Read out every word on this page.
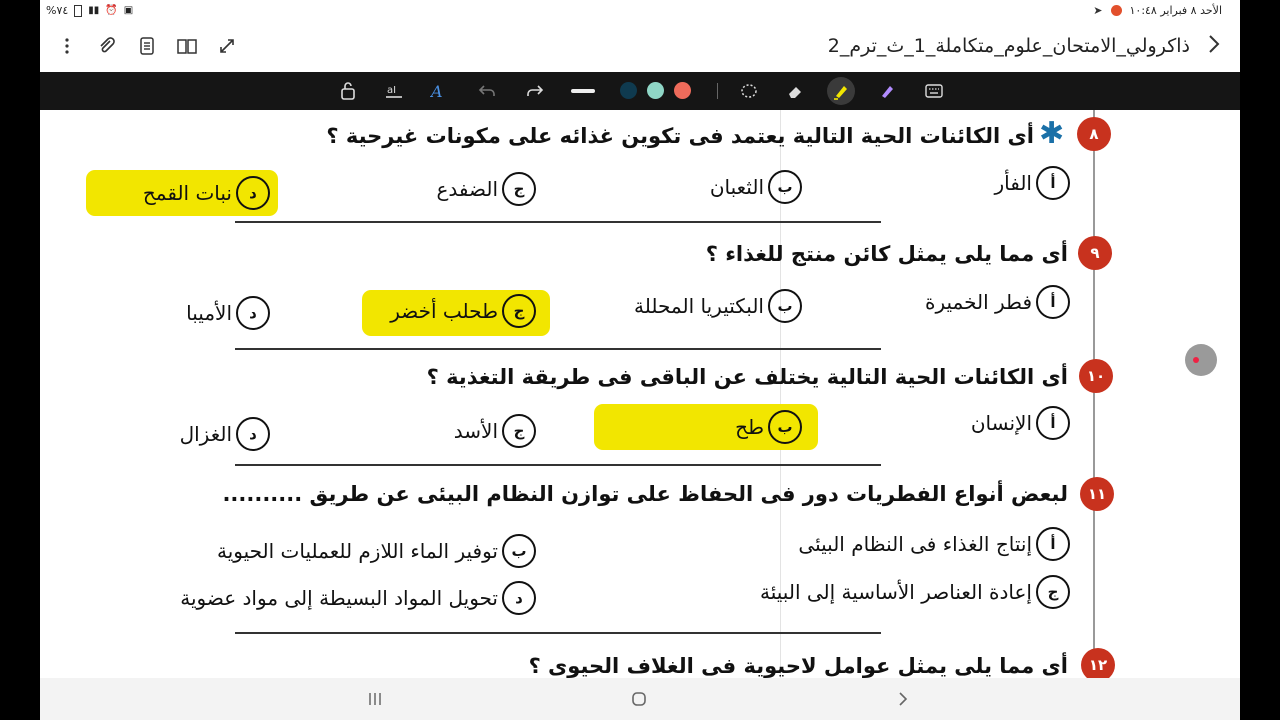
الأحد ٨ فبراير ١٠:٤٨
➤
%٧٤ ▮▮ ⏰ ▣
ذاكرولي_الامتحان_علوم_متكاملة_1_ث_ترم_2
aI A
٨
✱
أى الكائنات الحية التالية يعتمد فى تكوين غذائه على مكونات غيرحية ؟
أ
الفأر
ب
الثعبان
ج
الضفدع
د
نبات القمح
٩
أى مما يلى يمثل كائن منتج للغذاء ؟
أ
فطر الخميرة
ب
البكتيريا المحللة
ج
طحلب أخضر
د
الأميبا
١٠
أى الكائنات الحية التالية يختلف عن الباقى فى طريقة التغذية ؟
أ
الإنسان
ب
طح
ج
الأسد
د
الغزال
١١
لبعض أنواع الفطريات دور فى الحفاظ على توازن النظام البيئى عن طريق ..........
أ
إنتاج الغذاء فى النظام البيئى
ب
توفير الماء اللازم للعمليات الحيوية
ج
إعادة العناصر الأساسية إلى البيئة
د
تحويل المواد البسيطة إلى مواد عضوية
١٢
أى مما يلى يمثل عوامل لاحيوية فى الغلاف الحيوى ؟
